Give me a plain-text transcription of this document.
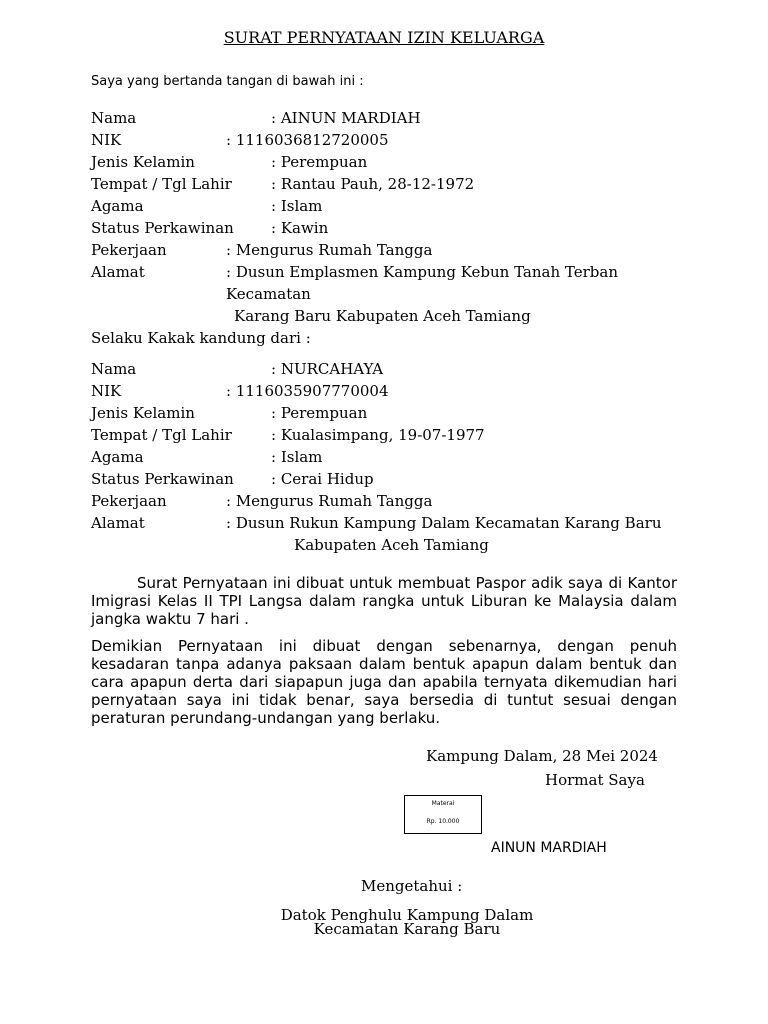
SURAT PERNYATAAN IZIN KELUARGA
Saya yang bertanda tangan di bawah ini :
Nama	: AINUN MARDIAH
NIK	: 1116036812720005
Jenis Kelamin	: Perempuan
Tempat / Tgl Lahir	: Rantau Pauh, 28-12-1972
Agama	: Islam
Status Perkawinan : Kawin
Pekerjaan	: Mengurus Rumah Tangga
Alamat	: Dusun Emplasmen Kampung Kebun Tanah Terban
Kecamatan
Karang Baru Kabupaten Aceh Tamiang
Selaku Kakak kandung dari :
Nama	: NURCAHAYA
NIK	: 1116035907770004
Jenis Kelamin	: Perempuan
Tempat / Tgl Lahir	: Kualasimpang, 19-07-1977
Agama	: Islam
Status Perkawinan : Cerai Hidup
Pekerjaan	: Mengurus Rumah Tangga
Alamat	: Dusun Rukun Kampung Dalam Kecamatan Karang Baru
Kabupaten Aceh Tamiang
Surat Pernyataan ini dibuat untuk membuat Paspor adik saya di Kantor Imigrasi Kelas II TPI Langsa dalam rangka untuk Liburan ke Malaysia dalam jangka waktu 7 hari .
Demikian Pernyataan ini dibuat dengan sebenarnya, dengan penuh kesadaran tanpa adanya paksaan dalam bentuk apapun dalam bentuk dan cara apapun derta dari siapapun juga dan apabila ternyata dikemudian hari pernyataan saya ini tidak benar, saya bersedia di tuntut sesuai dengan peraturan perundang-undangan yang berlaku.
Kampung Dalam, 28 Mei 2024
Hormat Saya
Materai
Rp. 10.000
AINUN MARDIAH
Mengetahui :
Datok Penghulu Kampung Dalam
Kecamatan Karang Baru
